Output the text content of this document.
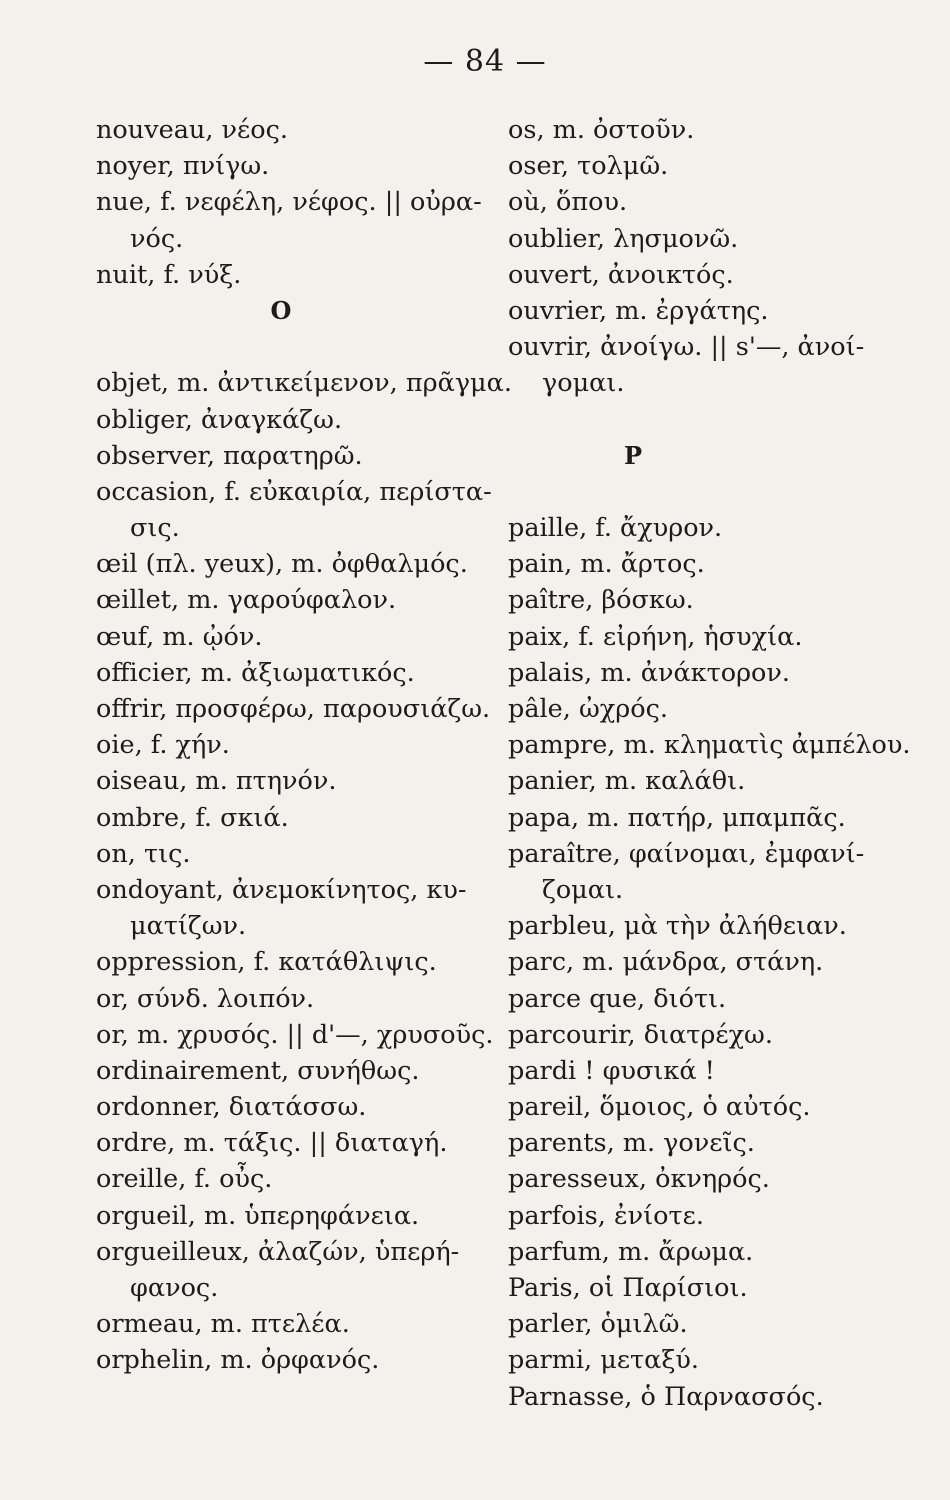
— 84 —
nouveau, νέος.
noyer, πνίγω.
nue, f. νεφέλη, νέφος. || οὐρα-
νός.
nuit, f. νύξ.
O
objet, m. ἀντικείμενον, πρᾶγμα.
obliger, ἀναγκάζω.
observer, παρατηρῶ.
occasion, f. εὐκαιρία, περίστα-
σις.
œil (πλ. yeux), m. ὀφθαλμός.
œillet, m. γαρούφαλον.
œuf, m. ᾠόν.
officier, m. ἀξιωματικός.
offrir, προσφέρω, παρουσιάζω.
oie, f. χήν.
oiseau, m. πτηνόν.
ombre, f. σκιά.
on, τις.
ondoyant, ἀνεμοκίνητος, κυ-
ματίζων.
oppression, f. κατάθλιψις.
or, σύνδ. λοιπόν.
or, m. χρυσός. || d'—, χρυσοῦς.
ordinairement, συνήθως.
ordonner, διατάσσω.
ordre, m. τάξις. || διαταγή.
oreille, f. οὖς.
orgueil, m. ὑπερηφάνεια.
orgueilleux, ἀλαζών, ὑπερή-
φανος.
ormeau, m. πτελέα.
orphelin, m. ὀρφανός.
os, m. ὀστοῦν.
oser, τολμῶ.
où, ὅπου.
oublier, λησμονῶ.
ouvert, ἀνοικτός.
ouvrier, m. ἐργάτης.
ouvrir, ἀνοίγω. || s'—, ἀνοί-
γομαι.
P
paille, f. ἄχυρον.
pain, m. ἄρτος.
paître, βόσκω.
paix, f. εἰρήνη, ἡσυχία.
palais, m. ἀνάκτορον.
pâle, ὠχρός.
pampre, m. κληματὶς ἀμπέλου.
panier, m. καλάθι.
papa, m. πατήρ, μπαμπᾶς.
paraître, φαίνομαι, ἐμφανί-
ζομαι.
parbleu, μὰ τὴν ἀλήθειαν.
parc, m. μάνδρα, στάνη.
parce que, διότι.
parcourir, διατρέχω.
pardi ! φυσικά !
pareil, ὅμοιος, ὁ αὐτός.
parents, m. γονεῖς.
paresseux, ὀκνηρός.
parfois, ἐνίοτε.
parfum, m. ἄρωμα.
Paris, οἱ Παρίσιοι.
parler, ὁμιλῶ.
parmi, μεταξύ.
Parnasse, ὁ Παρνασσός.
